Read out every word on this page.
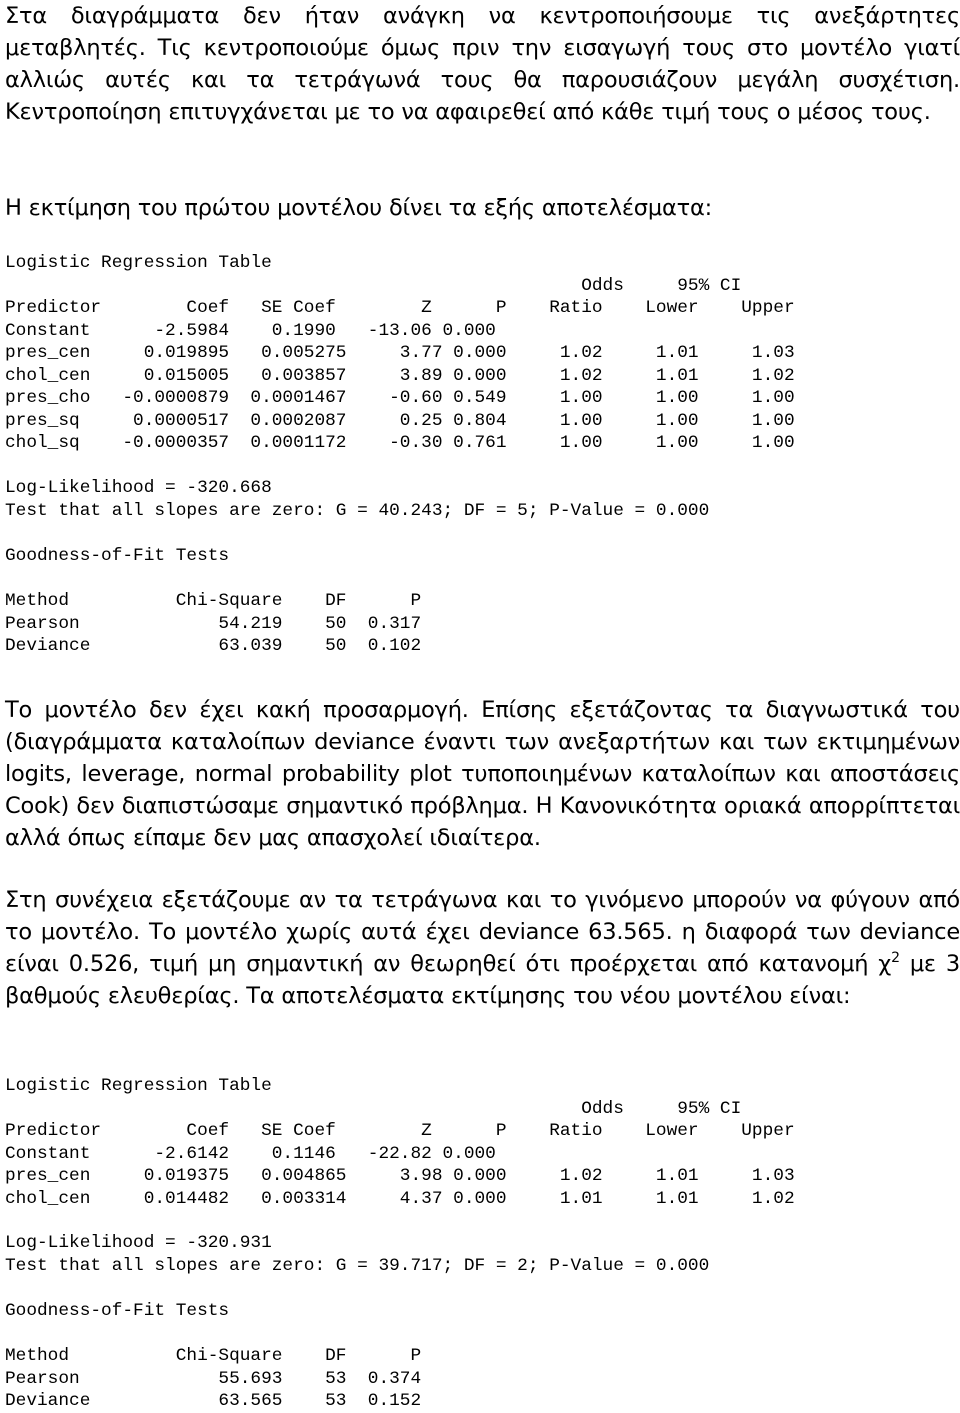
Στα διαγράμματα δεν ήταν ανάγκη να κεντροποιήσουμε τις ανεξάρτητες μεταβλητές. Τις κεντροποιούμε όμως πριν την εισαγωγή τους στο μοντέλο γιατί αλλιώς αυτές και τα τετράγωνά τους θα παρουσιάζουν μεγάλη συσχέτιση. Κεντροποίηση επιτυγχάνεται με το να αφαιρεθεί από κάθε τιμή τους ο μέσος τους.

Η εκτίμηση του πρώτου μοντέλου δίνει τα εξής αποτελέσματα:

Logistic Regression Table
Odds     95% CI
Predictor        Coef   SE Coef        Z      P    Ratio    Lower    Upper
Constant      -2.5984    0.1990   -13.06 0.000
pres_cen     0.019895   0.005275     3.77 0.000     1.02     1.01     1.03
chol_cen     0.015005   0.003857     3.89 0.000     1.02     1.01     1.02
pres_cho   -0.0000879  0.0001467    -0.60 0.549     1.00     1.00     1.00
pres_sq     0.0000517  0.0002087     0.25 0.804     1.00     1.00     1.00
chol_sq    -0.0000357  0.0001172    -0.30 0.761     1.00     1.00     1.00
Log-Likelihood = -320.668
Test that all slopes are zero: G = 40.243; DF = 5; P-Value = 0.000
Goodness-of-Fit Tests
Method          Chi-Square    DF      P
Pearson             54.219    50  0.317
Deviance            63.039    50  0.102

Το μοντέλο δεν έχει κακή προσαρμογή. Επίσης εξετάζοντας τα διαγνωστικά του (διαγράμματα καταλοίπων deviance έναντι των ανεξαρτήτων και των εκτιμημένων logits, leverage, normal probability plot τυποποιημένων καταλοίπων και αποστάσεις Cook) δεν διαπιστώσαμε σημαντικό πρόβλημα. Η Κανονικότητα οριακά απορρίπτεται αλλά όπως είπαμε δεν μας απασχολεί ιδιαίτερα.

Στη συνέχεια εξετάζουμε αν τα τετράγωνα και το γινόμενο μπορούν να φύγουν από το μοντέλο. Το μοντέλο χωρίς αυτά έχει deviance 63.565. η διαφορά των deviance είναι 0.526, τιμή μη σημαντική αν θεωρηθεί ότι προέρχεται από κατανομή $\chi^2$ με 3 βαθμούς ελευθερίας. Τα αποτελέσματα εκτίμησης του νέου μοντέλου είναι:

Logistic Regression Table
Odds     95% CI
Predictor        Coef   SE Coef        Z      P    Ratio    Lower    Upper
Constant      -2.6142    0.1146   -22.82 0.000
pres_cen     0.019375   0.004865     3.98 0.000     1.02     1.01     1.03
chol_cen     0.014482   0.003314     4.37 0.000     1.01     1.01     1.02
Log-Likelihood = -320.931
Test that all slopes are zero: G = 39.717; DF = 2; P-Value = 0.000
Goodness-of-Fit Tests
Method          Chi-Square    DF      P
Pearson             55.693    53  0.374
Deviance            63.565    53  0.152
